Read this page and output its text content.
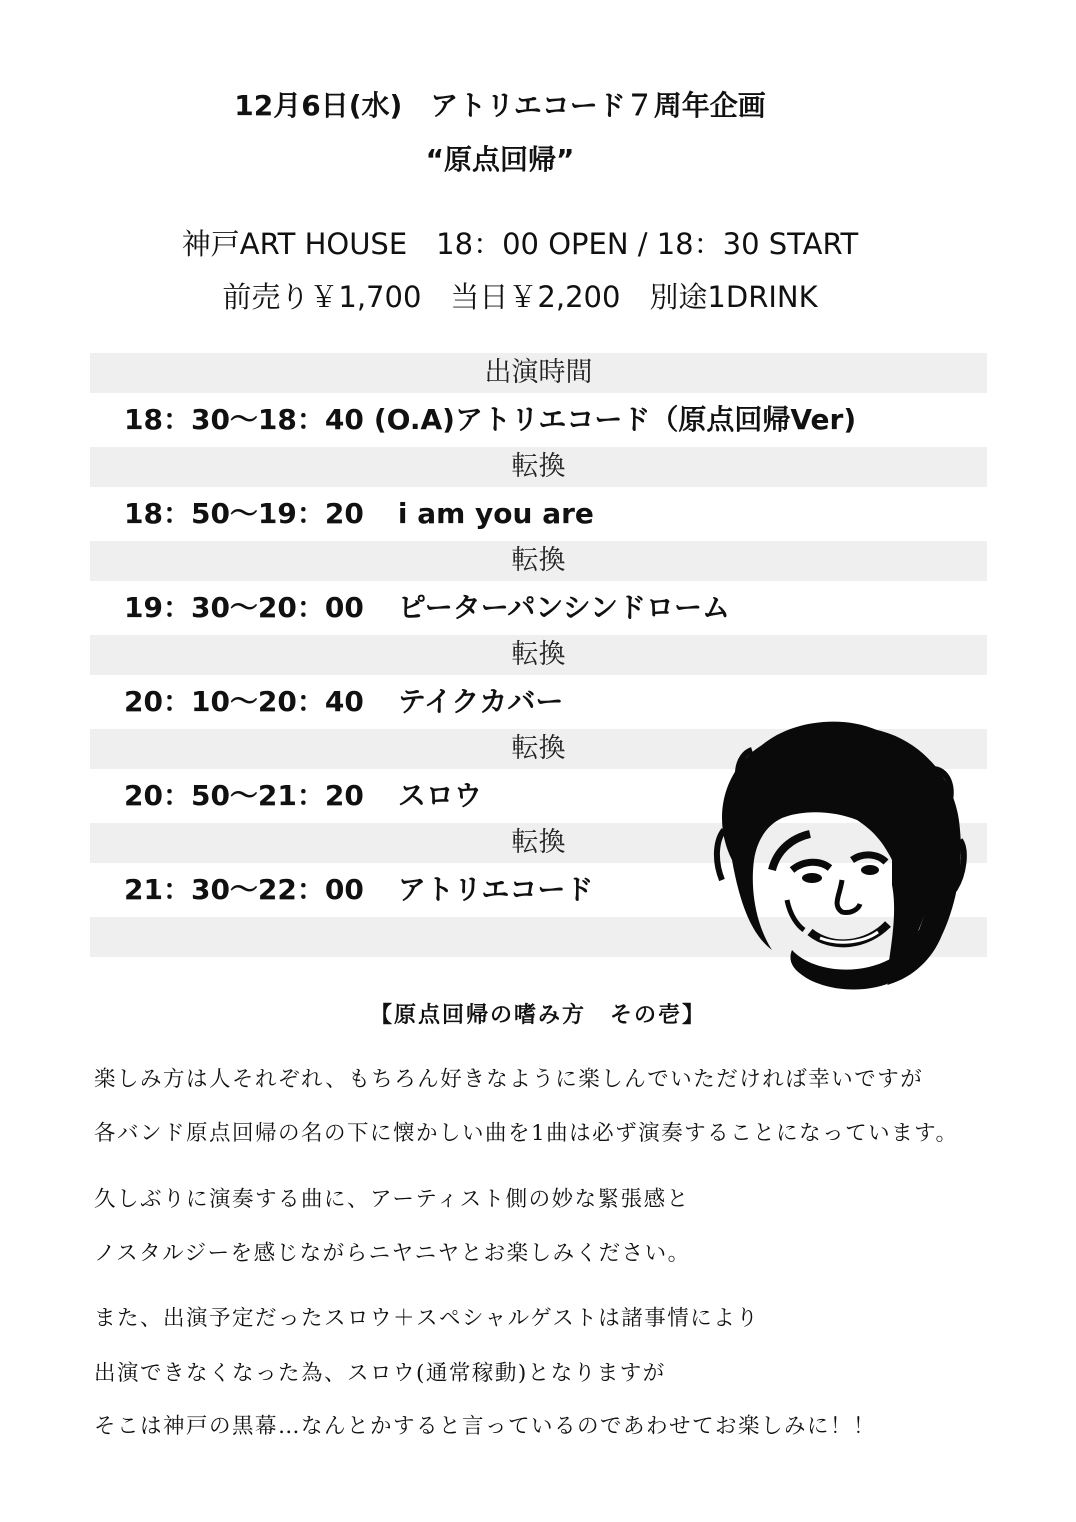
12月6日(水)　アトリエコード７周年企画
“原点回帰”
神戸ART HOUSE　18：00 OPEN / 18：30 START
前売り￥1,700　当日￥2,200　別途1DRINK
出演時間
18：30〜18：40 (O.A)アトリエコード（原点回帰Ver)
転換
18：50〜19：20 i am you are
転換
19：30〜20：00 ピーターパンシンドローム
転換
20：10〜20：40 テイクカバー
転換
20：50〜21：20 スロウ
転換
21：30〜22：00 アトリエコード
【原点回帰の嗜み方　その壱】
楽しみ方は人それぞれ、もちろん好きなように楽しんでいただければ幸いですが
各バンド原点回帰の名の下に懐かしい曲を1曲は必ず演奏することになっています。
久しぶりに演奏する曲に、アーティスト側の妙な緊張感と
ノスタルジーを感じながらニヤニヤとお楽しみください。
また、出演予定だったスロウ＋スペシャルゲストは諸事情により
出演できなくなった為、スロウ(通常稼動)となりますが
そこは神戸の黒幕…なんとかすると言っているのであわせてお楽しみに！！
